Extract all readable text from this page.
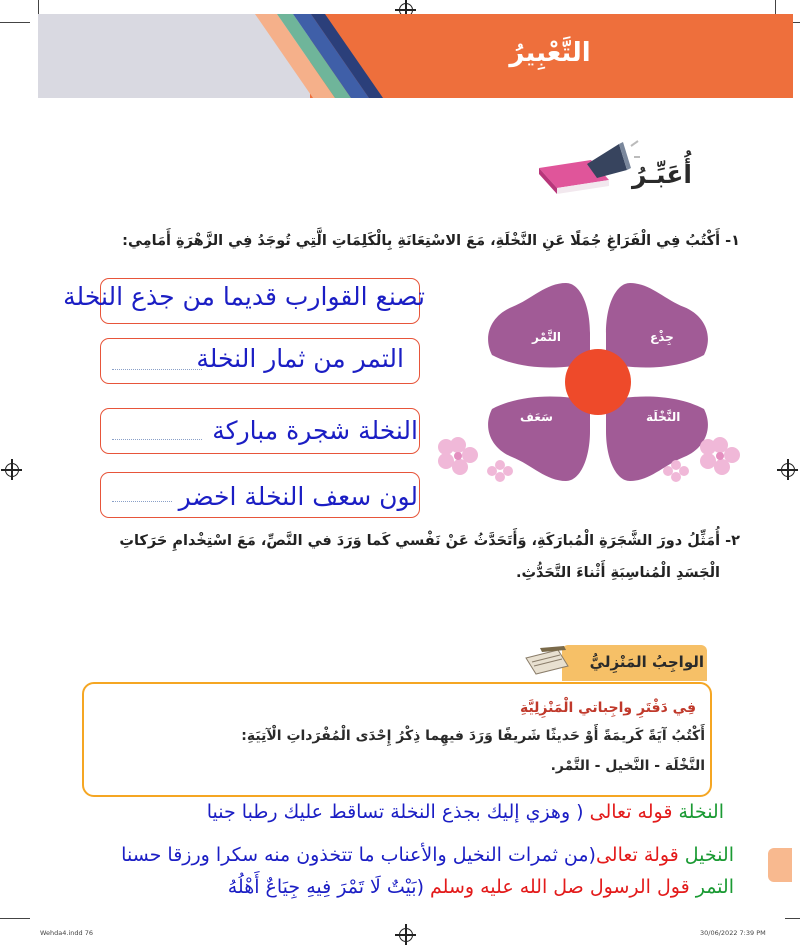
التَّعْبِيرُ
أُعَبِّـرُ
١- أَكْتُبُ فِي الْفَرَاغِ جُمَلًا عَنِ النَّخْلَةِ، مَعَ الاسْتِعَانَةِ بِالْكَلِمَاتِ الَّتِي تُوجَدُ فِي الزَّهْرَةِ أَمَامِي:
تصنع القوارب قديما من جذع النخلة
التمر من ثمار النخلة
النخلة شجرة مباركة
لون سعف النخلة اخضر
التَّمْر	جِذْع
سَعَف	النَّخْلَة
٢- أُمَثِّلُ دورَ الشَّجَرَةِ الْمُبارَكَةِ، وَأَتَحَدَّثُ عَنْ نَفْسي كَما وَرَدَ في النَّصِّ، مَعَ اسْتِخْدامِ حَرَكاتِ
الْجَسَدِ الْمُناسِبَةِ أَثْناءَ التَّحَدُّثِ.
الواجِبُ المَنْزِليُّ
فِي دَفْتَرِ واجِباتي الْمَنْزِلِيَّةِ
أَكْتُبُ آيَةً كَريمَةً أَوْ حَديثًا شَريفًا وَرَدَ فيهِما ذِكْرُ إِحْدَى الْمُفْرَداتِ الْآتِيَةِ:
النَّخْلَة - النَّخيل - التَّمْر.
النخلة قوله تعالى ( وهزي إليك بجذع النخلة تساقط عليك رطبا جنيا
النخيل قولة تعالى(من ثمرات النخيل والأعناب ما تتخذون منه سكرا ورزقا حسنا
التمر قول الرسول صل الله عليه وسلم (بَيْتٌ لَا تَمْرَ فِيهِ جِيَاعٌ أَهْلُهُ
Wehda4.indd 76	30/06/2022 7:39 PM
